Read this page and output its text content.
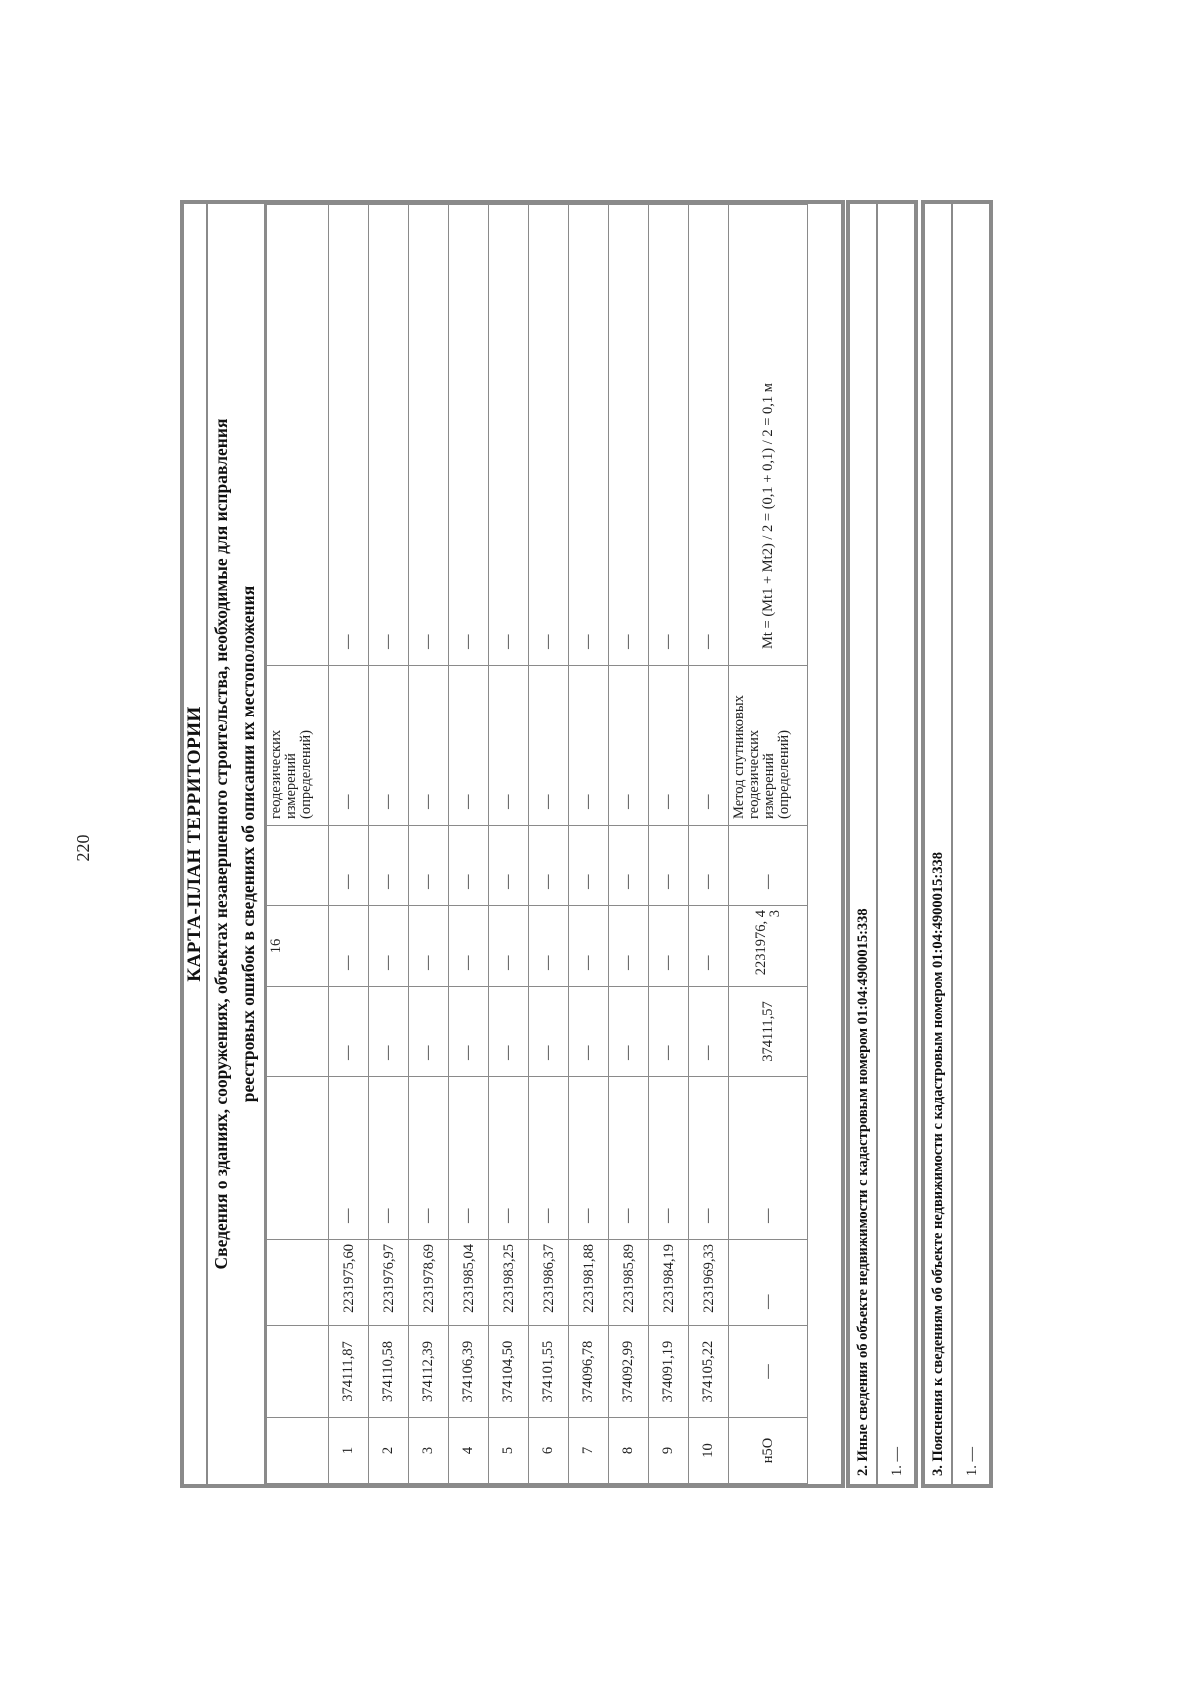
220	КАРТА-ПЛАН ТЕРРИТОРИИ Сведения о зданиях, сооружениях, объектах незавершенного строительства, необходимые для исправления реестровых ошибок в сведениях об описании их местоположения
					16		геодезических измерений (определений)	

1	374111,87	2231975,60	—	—	—	—	—	—
2	374110,58	2231976,97	—	—	—	—	—	—
3	374112,39	2231978,69	—	—	—	—	—	—
4	374106,39	2231985,04	—	—	—	—	—	—
5	374104,50	2231983,25	—	—	—	—	—	—
6	374101,55	2231986,37	—	—	—	—	—	—
7	374096,78	2231981,88	—	—	—	—	—	—
8	374092,99	2231985,89	—	—	—	—	—	—
9	374091,19	2231984,19	—	—	—	—	—	—
10	374105,22	2231969,33	—	—	—	—	—	—
н5О	—	—	—	374111,57	2231976, 43	—	Метод спутниковых геодезических измерений (определений)	Mt = (Mt1 + Mt2) / 2 = (0,1 + 0,1) / 2 = 0,1 м
2. Иные сведения об объекте недвижимости с кадастровым номером 01:04:4900015:338	1. —	3. Пояснения к сведениям об объекте недвижимости с кадастровым номером 01:04:4900015:338	1. —
